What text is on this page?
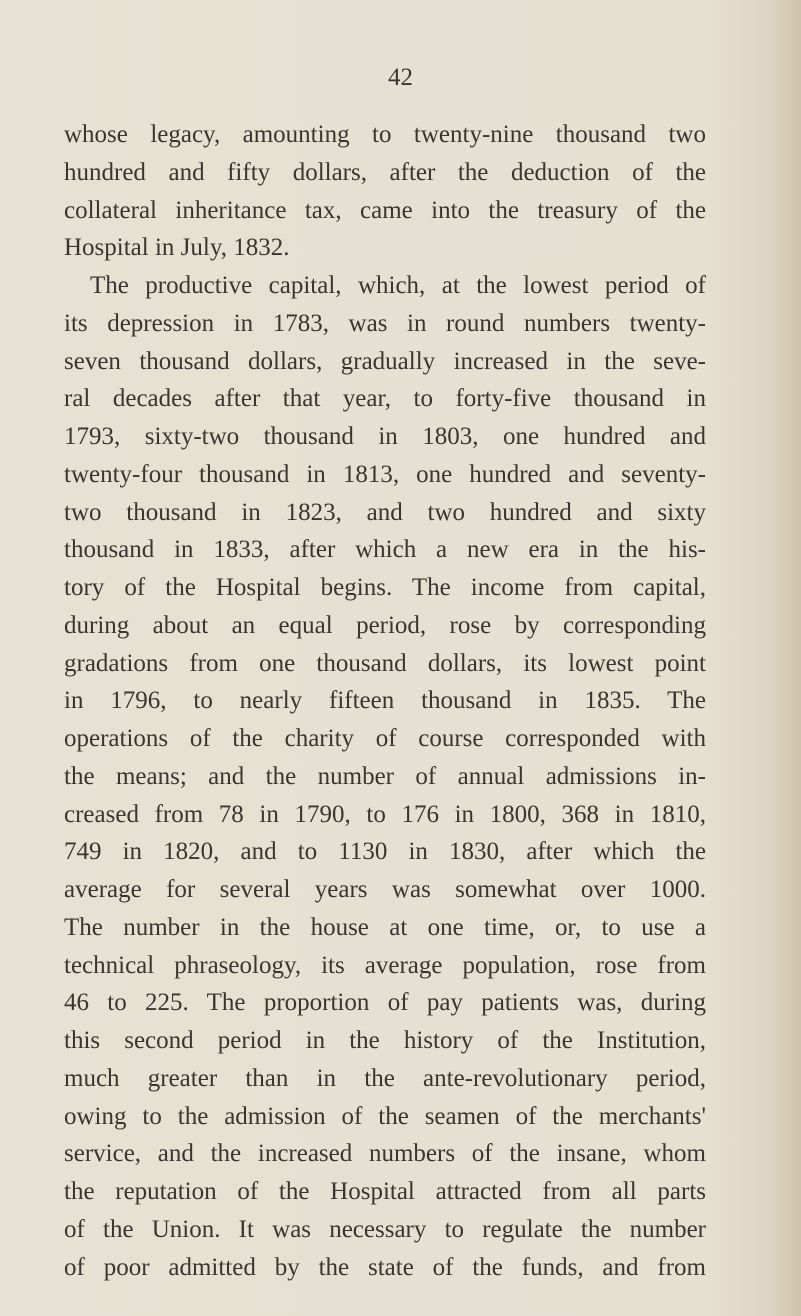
42
whose legacy, amounting to twenty-nine thousand two
hundred and fifty dollars, after the deduction of the
collateral inheritance tax, came into the treasury of the
Hospital in July, 1832.
The productive capital, which, at the lowest period of
its depression in 1783, was in round numbers twenty-
seven thousand dollars, gradually increased in the seve-
ral decades after that year, to forty-five thousand in
1793, sixty-two thousand in 1803, one hundred and
twenty-four thousand in 1813, one hundred and seventy-
two thousand in 1823, and two hundred and sixty
thousand in 1833, after which a new era in the his-
tory of the Hospital begins. The income from capital,
during about an equal period, rose by corresponding
gradations from one thousand dollars, its lowest point
in 1796, to nearly fifteen thousand in 1835. The
operations of the charity of course corresponded with
the means; and the number of annual admissions in-
creased from 78 in 1790, to 176 in 1800, 368 in 1810,
749 in 1820, and to 1130 in 1830, after which the
average for several years was somewhat over 1000.
The number in the house at one time, or, to use a
technical phraseology, its average population, rose from
46 to 225. The proportion of pay patients was, during
this second period in the history of the Institution,
much greater than in the ante-revolutionary period,
owing to the admission of the seamen of the merchants'
service, and the increased numbers of the insane, whom
the reputation of the Hospital attracted from all parts
of the Union. It was necessary to regulate the number
of poor admitted by the state of the funds, and from
